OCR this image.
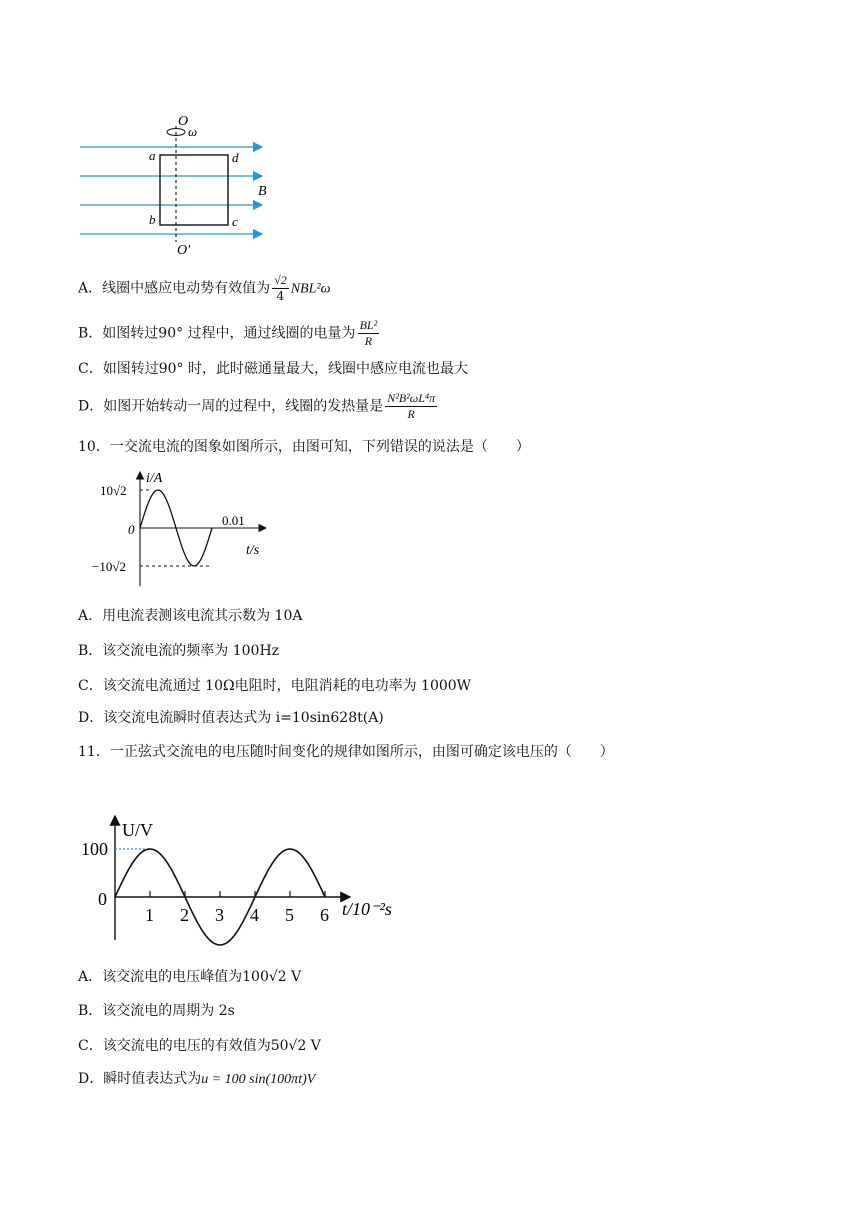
O
ω
a	d
B
b	c
O′
A．线圈中感应电动势有效值为 $\frac{√2}{4} NBL^2\omega$
B．如图转过90° 过程中，通过线圈的电量为 $\frac{\text{BL²}}{R}$
C．如图转过90° 时，此时磁通量最大，线圈中感应电流也最大
D．如图开始转动一周的过程中，线圈的发热量是 $\frac{\text{N²B²ωL⁴π}}{R}$
10．一交流电流的图象如图所示，由图可知，下列错误的说法是（　　）
i/A
10√2
0
−10√2
0.01
t/s
A．用电流表测该电流其示数为 10A
B．该交流电流的频率为 100Hz
C．该交流电流通过 10Ω电阻时，电阻消耗的电功率为 1000W
D．该交流电流瞬时值表达式为 i=10sin628t(A)
11．一正弦式交流电的电压随时间变化的规律如图所示，由图可确定该电压的（　　）
1 2 3 4 5 6
U/V
100
0	t/10⁻²s
A．该交流电的电压峰值为100√2 V
B．该交流电的周期为 2s
C．该交流电的电压的有效值为50√2 V
D．瞬时值表达式为u = 100 sin(100πt)V
